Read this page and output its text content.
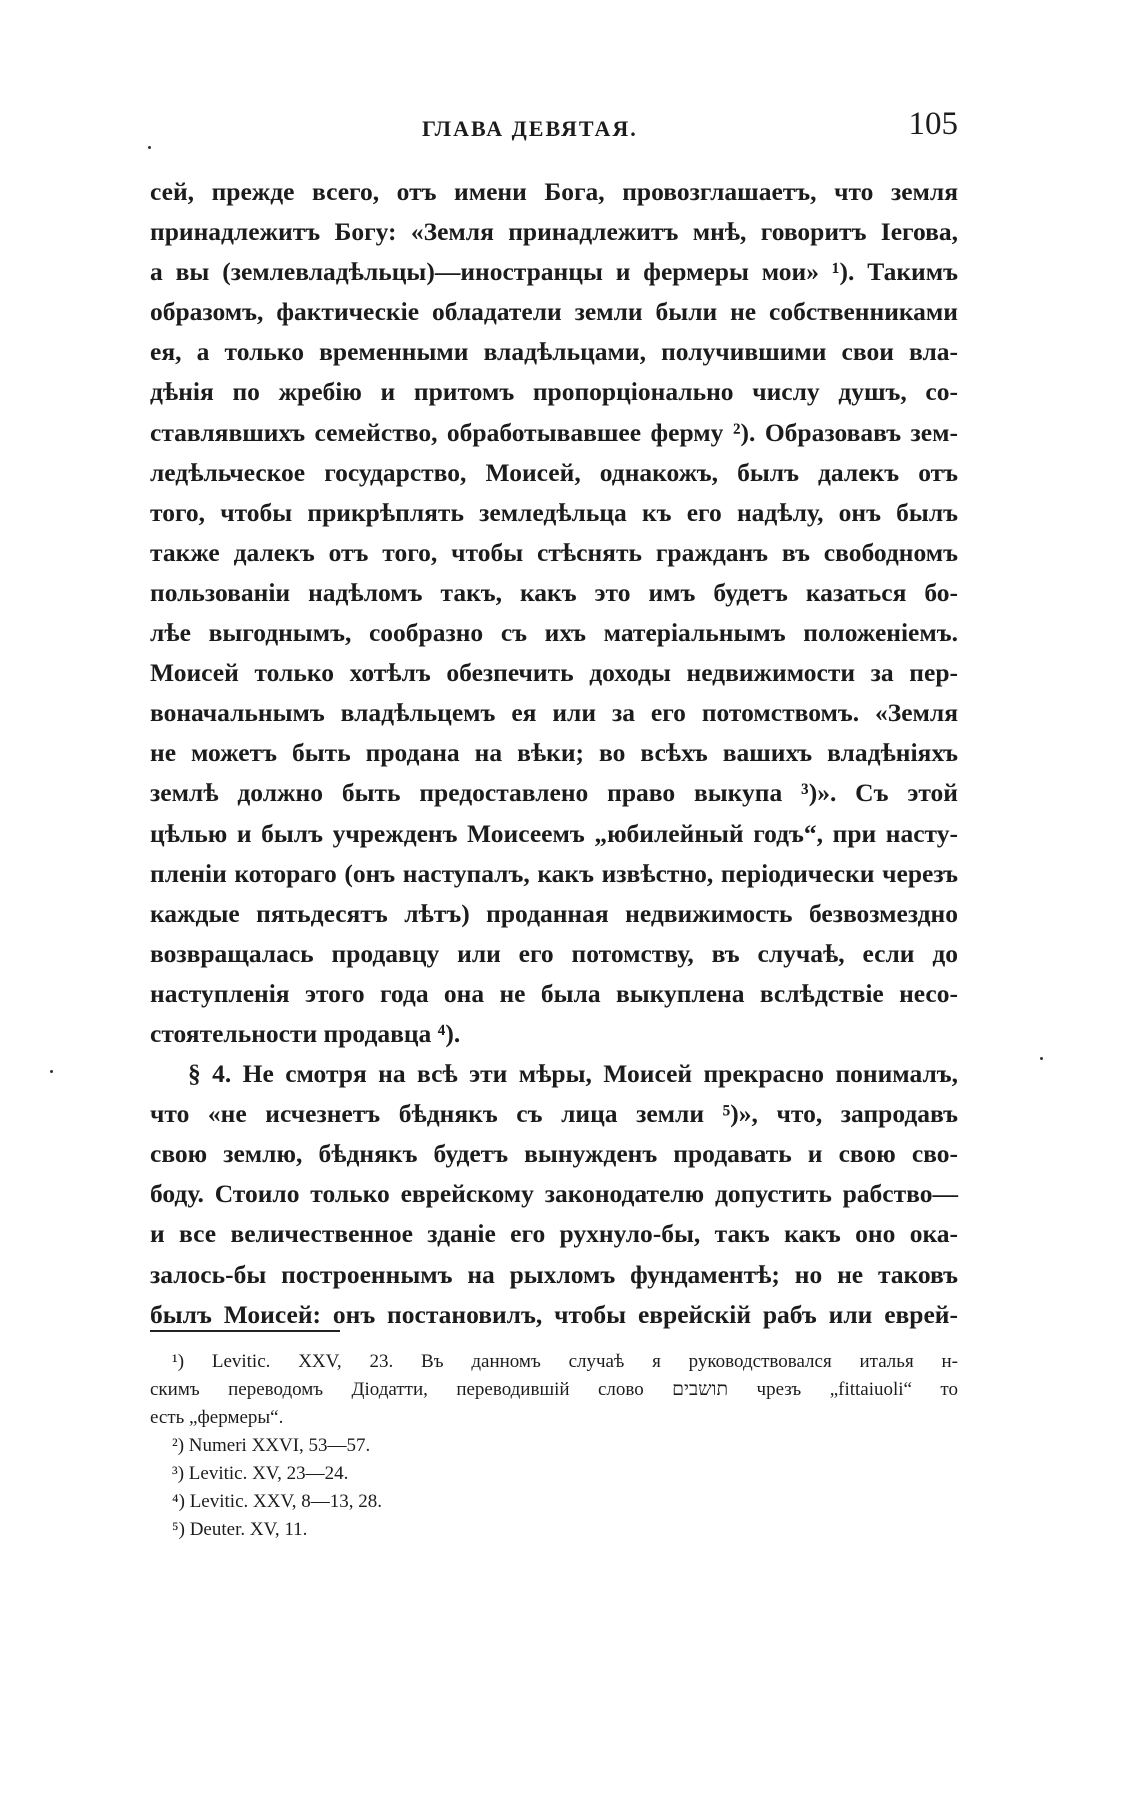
ГЛАВА ДЕВЯТАЯ.	105
сей, прежде всего, отъ имени Бога, провозглашаетъ, что земля
принадлежитъ Богу: «Земля принадлежитъ мнѣ, говоритъ Іегова,
а вы (землевладѣльцы)—иностранцы и фермеры мои» ¹). Такимъ
образомъ, фактическіе обладатели земли были не собственниками
ея, а только временными владѣльцами, получившими свои вла-
дѣнія по жребію и притомъ пропорціонально числу душъ, со-
ставлявшихъ семейство, обработывавшее ферму ²). Образовавъ зем-
ледѣльческое государство, Моисей, однакожъ, былъ далекъ отъ
того, чтобы прикрѣплять земледѣльца къ его надѣлу, онъ былъ
также далекъ отъ того, чтобы стѣснять гражданъ въ свободномъ
пользованіи надѣломъ такъ, какъ это имъ будетъ казаться бо-
лѣе выгоднымъ, сообразно съ ихъ матеріальнымъ положеніемъ.
Моисей только хотѣлъ обезпечить доходы недвижимости за пер-
воначальнымъ владѣльцемъ ея или за его потомствомъ. «Земля
не можетъ быть продана на вѣки; во всѣхъ вашихъ владѣніяхъ
землѣ должно быть предоставлено право выкупа ³)». Съ этой
цѣлью и былъ учрежденъ Моисеемъ „юбилейный годъ“, при насту-
пленіи котораго (онъ наступалъ, какъ извѣстно, періодически черезъ
каждые пятьдесятъ лѣтъ) проданная недвижимость безвозмездно
возвращалась продавцу или его потомству, въ случаѣ, если до
наступленія этого года она не была выкуплена вслѣдствіе несо-
стоятельности продавца ⁴).
§ 4. Не смотря на всѣ эти мѣры, Моисей прекрасно понималъ,
что «не исчезнетъ бѣднякъ съ лица земли ⁵)», что, запродавъ
свою землю, бѣднякъ будетъ вынужденъ продавать и свою сво-
боду. Стоило только еврейскому законодателю допустить рабство—
и все величественное зданіе его рухнуло-бы, такъ какъ оно ока-
залось-бы построеннымъ на рыхломъ фундаментѣ; но не таковъ
былъ Моисей: онъ постановилъ, чтобы еврейскій рабъ или еврей-
¹) Levitic. XXV, 23. Въ данномъ случаѣ я руководствовался италья н-
скимъ переводомъ Діодатти, переводившій слово תושבים чрезъ „fittaiuoli“ то
есть „фермеры“.
²) Numeri XXVI, 53—57.
³) Levitic. XV, 23—24.
⁴) Levitic. XXV, 8—13, 28.
⁵) Deuter. XV, 11.
